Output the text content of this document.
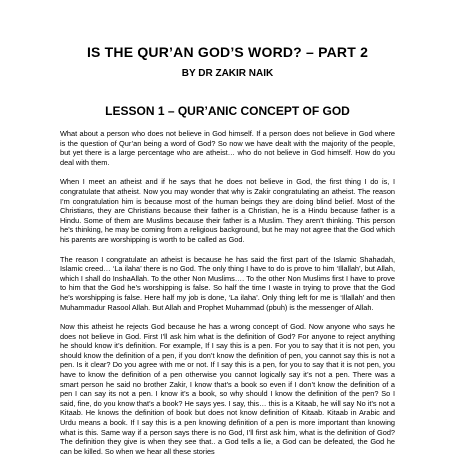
IS THE QUR’AN GOD’S WORD? – PART 2
BY DR ZAKIR NAIK
LESSON 1 – QUR’ANIC CONCEPT OF GOD

What about a person who does not believe in God himself. If a person does not believe in God where is the question of Qur’an being a word of God? So now we have dealt with the majority of the people, but yet there is a large percentage who are atheist… who do not believe in God himself. How do you deal with them.

When I meet an atheist and if he says that he does not believe in God, the first thing I do is, I congratulate that atheist. Now you may wonder that why is Zakir congratulating an atheist. The reason I’m congratulation him is because most of the human beings they are doing blind belief. Most of the Christians, they are Christians because their father is a Christian, he is a Hindu because father is a Hindu. Some of them are Muslims because their father is a Muslim. They aren’t thinking. This person he’s thinking, he may be coming from a religious background, but he may not agree that the God which his parents are worshipping is worth to be called as God.

The reason I congratulate an atheist is because he has said the first part of the Islamic Shahadah, Islamic creed… ‘La ilaha’ there is no God. The only thing I have to do is prove to him ‘Illallah’, but Allah, which I shall do InshaAllah. To the other Non Muslims…. To the other Non Muslims first I have to prove to him that the God he’s worshipping is false. So half the time I waste in trying to prove that the God he’s worshipping is false. Here half my job is done, ‘La ilaha’. Only thing left for me is ‘Illallah’ and then Muhammadur Rasool Allah. But Allah and Prophet Muhammad (pbuh) is the messenger of Allah.

Now this atheist he rejects God because he has a wrong concept of God. Now anyone who says he does not believe in God. First I’ll ask him what is the definition of God? For anyone to reject anything he should know it’s definition. For example, If I say this is a pen. For you to say that it is not pen, you should know the definition of a pen, if you don’t know the definition of pen, you cannot say this is not a pen. Is it clear? Do you agree with me or not. If I say this is a pen, for you to say that it is not pen, you have to know the definition of a pen otherwise you cannot logically say it’s not a pen. There was a smart person he said no brother Zakir, I know that’s a book so even if I don’t know the definition of a pen I can say its not a pen. I know it’s a book, so why should I know the definition of the pen? So I said, fine, do you know that’s a book? He says yes. I say, this… this is a Kitaab, he will say No it’s not a Kitaab. He knows the definition of book but does not know definition of Kitaab. Kitaab in Arabic and Urdu means a book. If I say this is a pen knowing definition of a pen is more important than knowing what is this. Same way if a person says there is no God, I’ll first ask him, what is the definition of God? The definition they give is when they see that.. a God tells a lie, a God can be defeated, the God he can be killed. So when we hear all these stories
